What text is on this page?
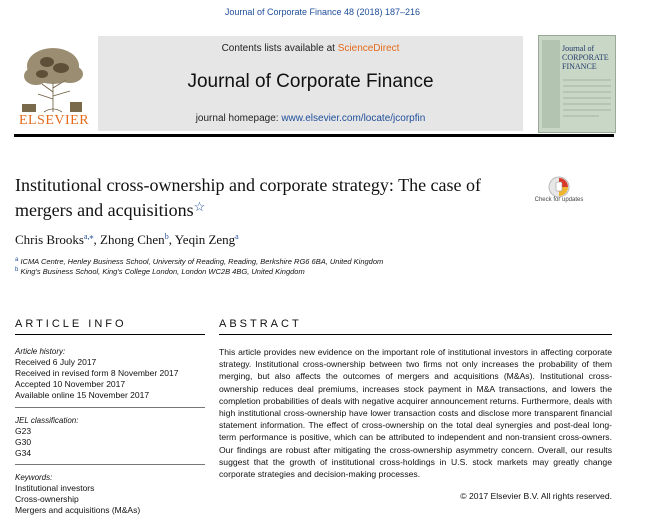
Journal of Corporate Finance 48 (2018) 187–216
ELSEVIER
Contents lists available at ScienceDirect
Journal of Corporate Finance
journal homepage: www.elsevier.com/locate/jcorpfin
Journal of CORPORATE FINANCE
Institutional cross-ownership and corporate strategy: The case of mergers and acquisitions☆	Check for updates
Chris Brooks$^{a,⁎}$, Zhong Chen$^b$, Yeqin Zeng$^a$
$^a$ ICMA Centre, Henley Business School, University of Reading, Reading, Berkshire RG6 6BA, United Kingdom
$^b$ King's Business School, King's College London, London WC2B 4BG, United Kingdom
ARTICLE INFO
Article history:
Received 6 July 2017
Received in revised form 8 November 2017
Accepted 10 November 2017
Available online 15 November 2017
JEL classification:
G23
G30
G34
Keywords:
Institutional investors
Cross-ownership
Mergers and acquisitions (M&As)
ABSTRACT
This article provides new evidence on the important role of institutional investors in affecting corporate strategy. Institutional cross-ownership between two firms not only increases the probability of them merging, but also affects the outcomes of mergers and acquisitions (M&As). Institutional cross-ownership reduces deal premiums, increases stock payment in M&A transactions, and lowers the completion probabilities of deals with negative acquirer announcement returns. Furthermore, deals with high institutional cross-ownership have lower transaction costs and disclose more transparent financial statement information. The effect of cross-ownership on the total deal synergies and post-deal long-term performance is positive, which can be attributed to independent and non-transient cross-owners. Our findings are robust after mitigating the cross-ownership asymmetry concern. Overall, our results suggest that the growth of institutional cross-holdings in U.S. stock markets may greatly change corporate strategies and decision-making processes.
© 2017 Elsevier B.V. All rights reserved.
